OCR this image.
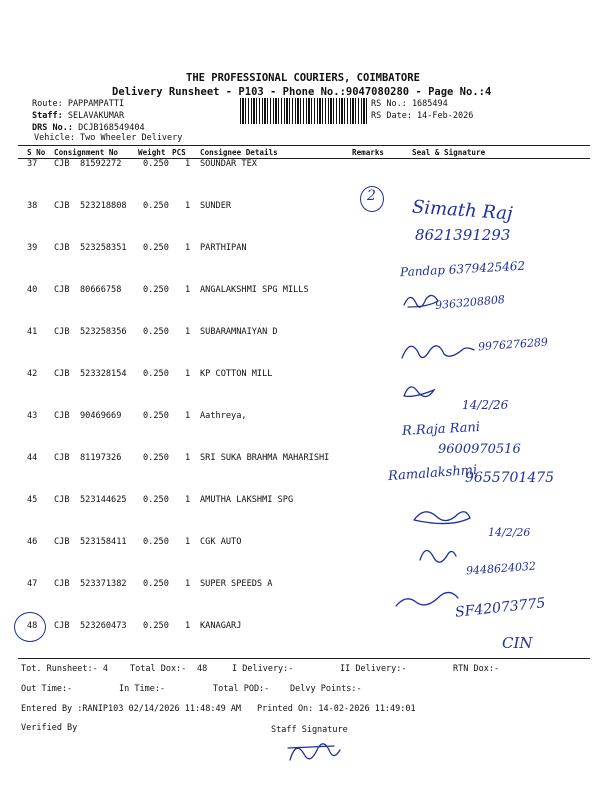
THE PROFESSIONAL COURIERS, COIMBATORE
Delivery Runsheet - P103 - Phone No.:9047080280 - Page No.:4
Route: PAPPAMPATTI
Staff: SELAVAKUMAR
DRS No.: DCJB168549404
Vehicle: Two Wheeler Delivery
RS No.: 1685494
RS Date: 14-Feb-2026
S No Consignment No	Weight PCS Consignee Details	Remarks	Seal & Signature
37 CJB 81592272	0.250 1 SOUNDAR TEX
38 CJB 523218808 0.250 1 SUNDER
39 CJB 523258351 0.250 1 PARTHIPAN
40 CJB 80666758	0.250 1 ANGALAKSHMI SPG MILLS
41 CJB 523258356 0.250 1 SUBARAMNAIYAN D
42 CJB 523328154 0.250 1 KP COTTON MILL
43 CJB 90469669	0.250 1 Aathreya,
44 CJB 81197326	0.250 1 SRI SUKA BRAHMA MAHARISHI
45 CJB 523144625 0.250 1 AMUTHA LAKSHMI SPG
46 CJB 523158411 0.250 1 CGK AUTO
47 CJB 523371382 0.250 1 SUPER SPEEDS A
48 CJB 523260473 0.250 1 KANAGARJ
Tot. Runsheet:- 4	Total Dox:- 48	I Delivery:-	II Delivery:-	RTN Dox:-
Out Time:-	In Time:-	Total POD:- Delvy Points:-
Entered By :RANIP103 02/14/2026 11:48:49 AM Printed On: 14-02-2026 11:49:01
Verified By	Staff Signature
2
Simath Raj
8621391293
Pandap 6379425462
9363208808
9976276289
14/2/26
R.Raja Rani
9600970516
Ramalakshmi
9655701475
14/2/26
9448624032
SF42073775
CIN
